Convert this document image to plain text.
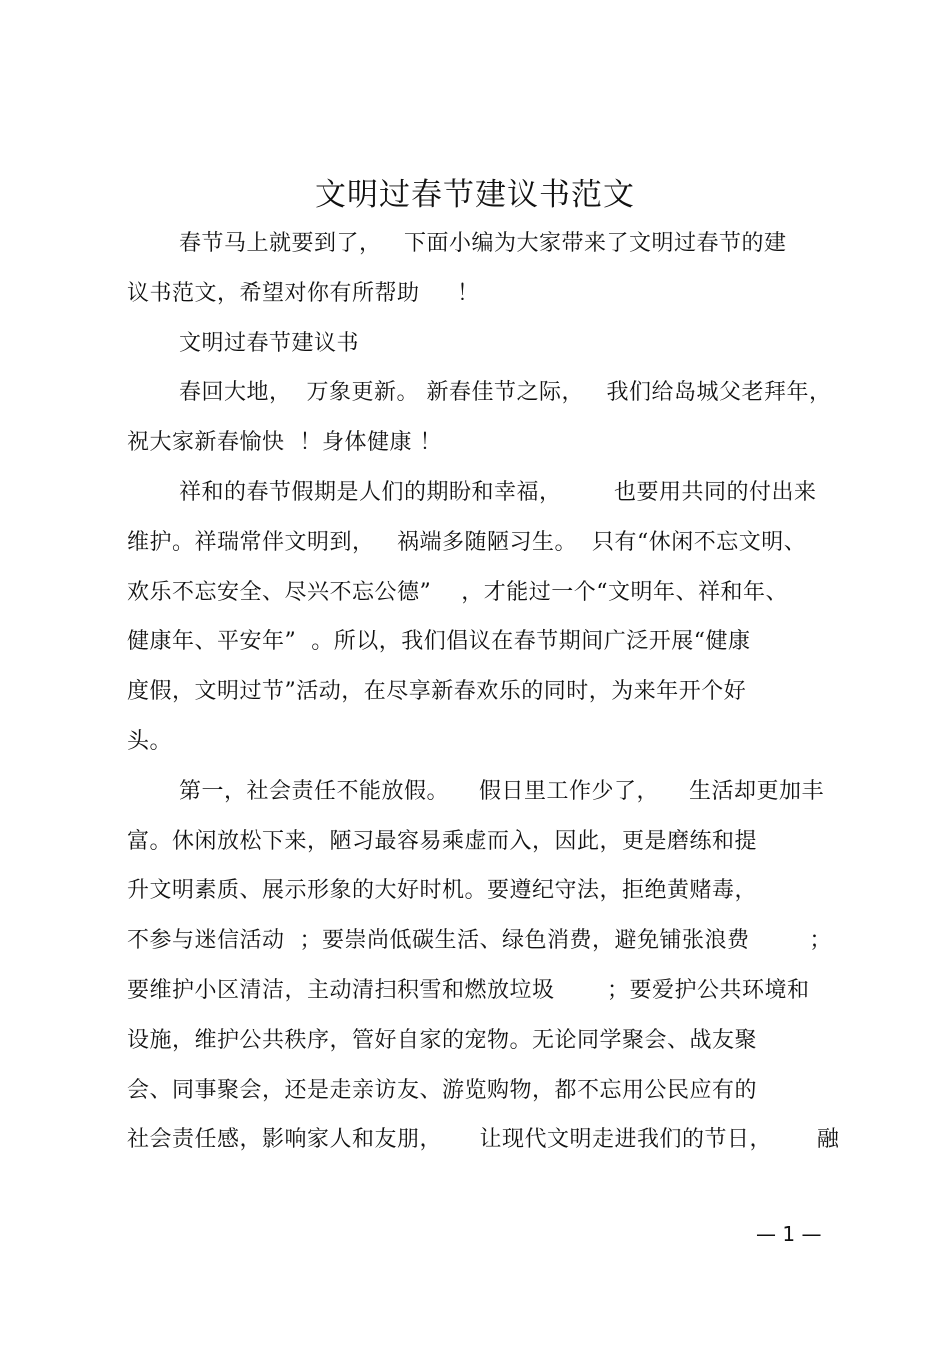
文明过春节建议书范文
春节马上就要到了，   下面小编为大家带来了文明过春节的建
议书范文，希望对你有所帮助     ！
文明过春节建议书
春回大地，  万象更新。 新春佳节之际，   我们给岛城父老拜年，
祝大家新春愉快  ！身体健康 ！
祥和的春节假期是人们的期盼和幸福，       也要用共同的付出来
维护。祥瑞常伴文明到，   祸端多随陋习生。  只有“休闲不忘文明、
欢乐不忘安全、尽兴不忘公德”    ，才能过一个“文明年、祥和年、
健康年、平安年”  。所以，我们倡议在春节期间广泛开展“健康
度假，文明过节”活动，在尽享新春欢乐的同时，为来年开个好
头。
第一，社会责任不能放假。    假日里工作少了，    生活却更加丰
富。休闲放松下来，陋习最容易乘虚而入，因此，更是磨练和提
升文明素质、展示形象的大好时机。要遵纪守法，拒绝黄赌毒，
不参与迷信活动  ；要崇尚低碳生活、绿色消费，避免铺张浪费        ；
要维护小区清洁，主动清扫积雪和燃放垃圾       ；要爱护公共环境和
设施，维护公共秩序，管好自家的宠物。无论同学聚会、战友聚
会、同事聚会，还是走亲访友、游览购物，都不忘用公民应有的
社会责任感，影响家人和友朋，     让现代文明走进我们的节日，      融
— 1 —
